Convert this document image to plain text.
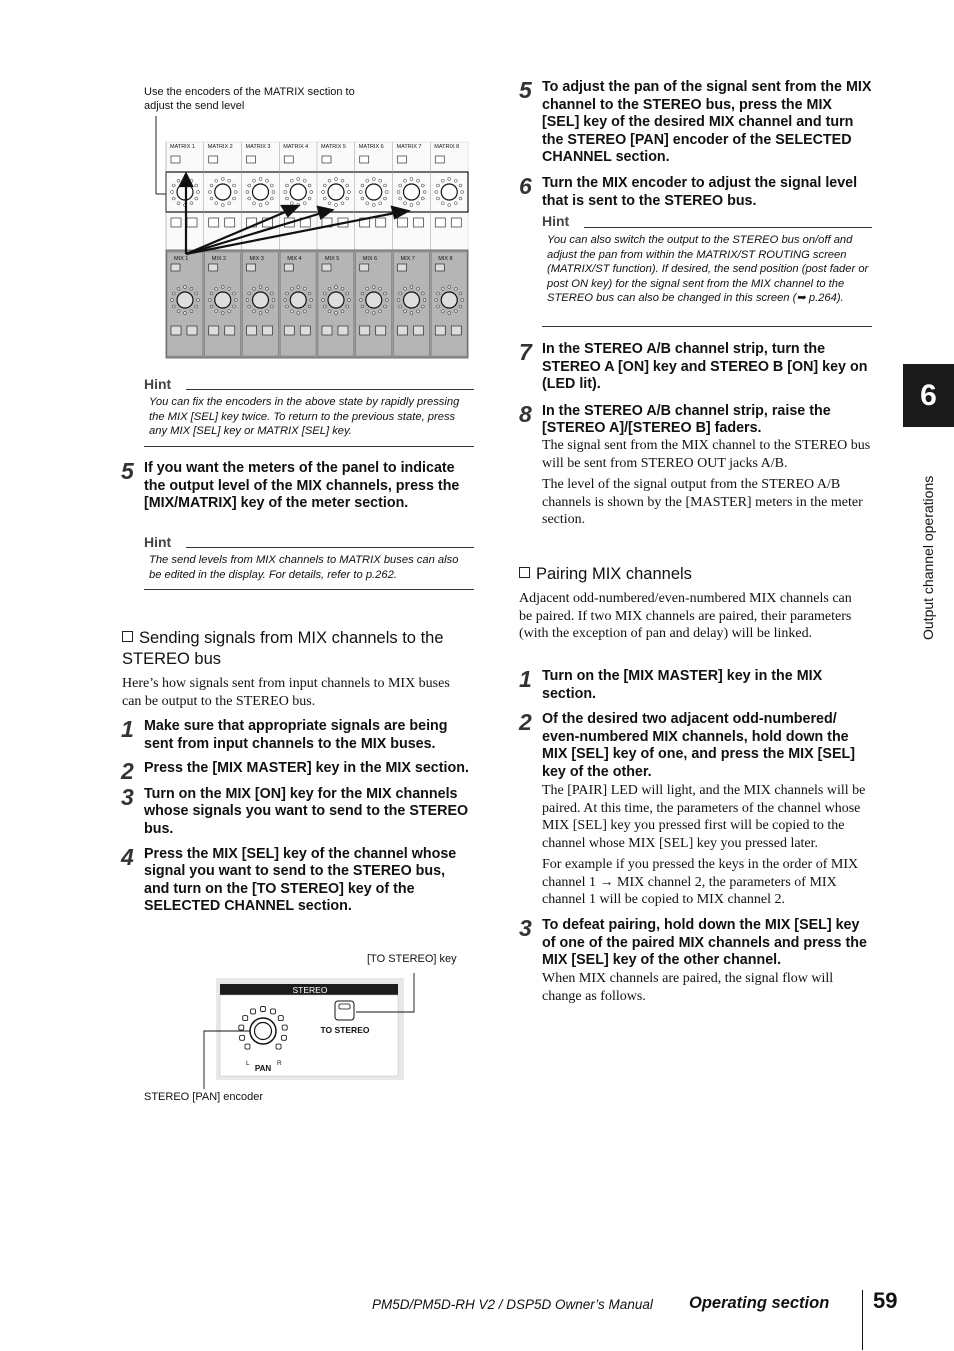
Use the encoders of the MATRIX section to adjust the send level
MATRIX 1 MATRIX 2 MATRIX 3 MATRIX 4 MATRIX 5 MATRIX 6 MATRIX 7 MATRIX 8
MIX 1	MIX 2	MIX 3	MIX 4	MIX 5	MIX 6	MIX 7	MIX 8
Hint
You can fix the encoders in the above state by rapidly pressing the MIX [SEL] key twice. To return to the previous state, press any MIX [SEL] key or MATRIX [SEL] key.
5 If you want the meters of the panel to indicate the output level of the MIX channels, press the [MIX/MATRIX] key of the meter section.
Hint
The send levels from MIX channels to MATRIX buses can also be edited in the display. For details, refer to p.262.
Sending signals from MIX channels to the STEREO bus
Here’s how signals sent from input channels to MIX buses can be output to the STEREO bus.
1 Make sure that appropriate signals are being sent from input channels to the MIX buses.
2 Press the [MIX MASTER] key in the MIX section.
3 Turn on the MIX [ON] key for the MIX channels whose signals you want to send to the STEREO bus.
4 Press the MIX [SEL] key of the channel whose signal you want to send to the STEREO bus, and turn on the [TO STEREO] key of the SELECTED CHANNEL section.
[TO STEREO] key
STEREO
TO STEREO
PAN
L	R
STEREO [PAN] encoder
5 To adjust the pan of the signal sent from the MIX channel to the STEREO bus, press the MIX [SEL] key of the desired MIX channel and turn the STEREO [PAN] encoder of the SELECTED CHANNEL section.
6 Turn the MIX encoder to adjust the signal level that is sent to the STEREO bus.
Hint
You can also switch the output to the STEREO bus on/off and adjust the pan from within the MATRIX/ST ROUTING screen (MATRIX/ST function). If desired, the send position (post fader or post ON key) for the signal sent from the MIX channel to the STEREO bus can also be changed in this screen (➥ p.264).
7 In the STEREO A/B channel strip, turn the STEREO A [ON] key and STEREO B [ON] key on (LED lit).
8 In the STEREO A/B channel strip, raise the [STEREO A]/[STEREO B] faders.
The signal sent from the MIX channel to the STEREO bus will be sent from STEREO OUT jacks A/B.
The level of the signal output from the STEREO A/B channels is shown by the [MASTER] meters in the meter section.
Pairing MIX channels
Adjacent odd-numbered/even-numbered MIX channels can be paired. If two MIX channels are paired, their parameters (with the exception of pan and delay) will be linked.
1 Turn on the [MIX MASTER] key in the MIX section.
2 Of the desired two adjacent odd-numbered/ even-numbered MIX channels, hold down the MIX [SEL] key of one, and press the MIX [SEL] key of the other.
The [PAIR] LED will light, and the MIX channels will be paired. At this time, the parameters of the channel whose MIX [SEL] key you pressed first will be copied to the channel whose MIX [SEL] key you pressed later.
For example if you pressed the keys in the order of MIX channel 1 → MIX channel 2, the parameters of MIX channel 1 will be copied to MIX channel 2.
3 To defeat pairing, hold down the MIX [SEL] key of one of the paired MIX channels and press the MIX [SEL] key of the other channel.
When MIX channels are paired, the signal flow will change as follows.
6
Output channel operations
PM5D/PM5D-RH V2 / DSP5D Owner’s Manual Operating section 59
